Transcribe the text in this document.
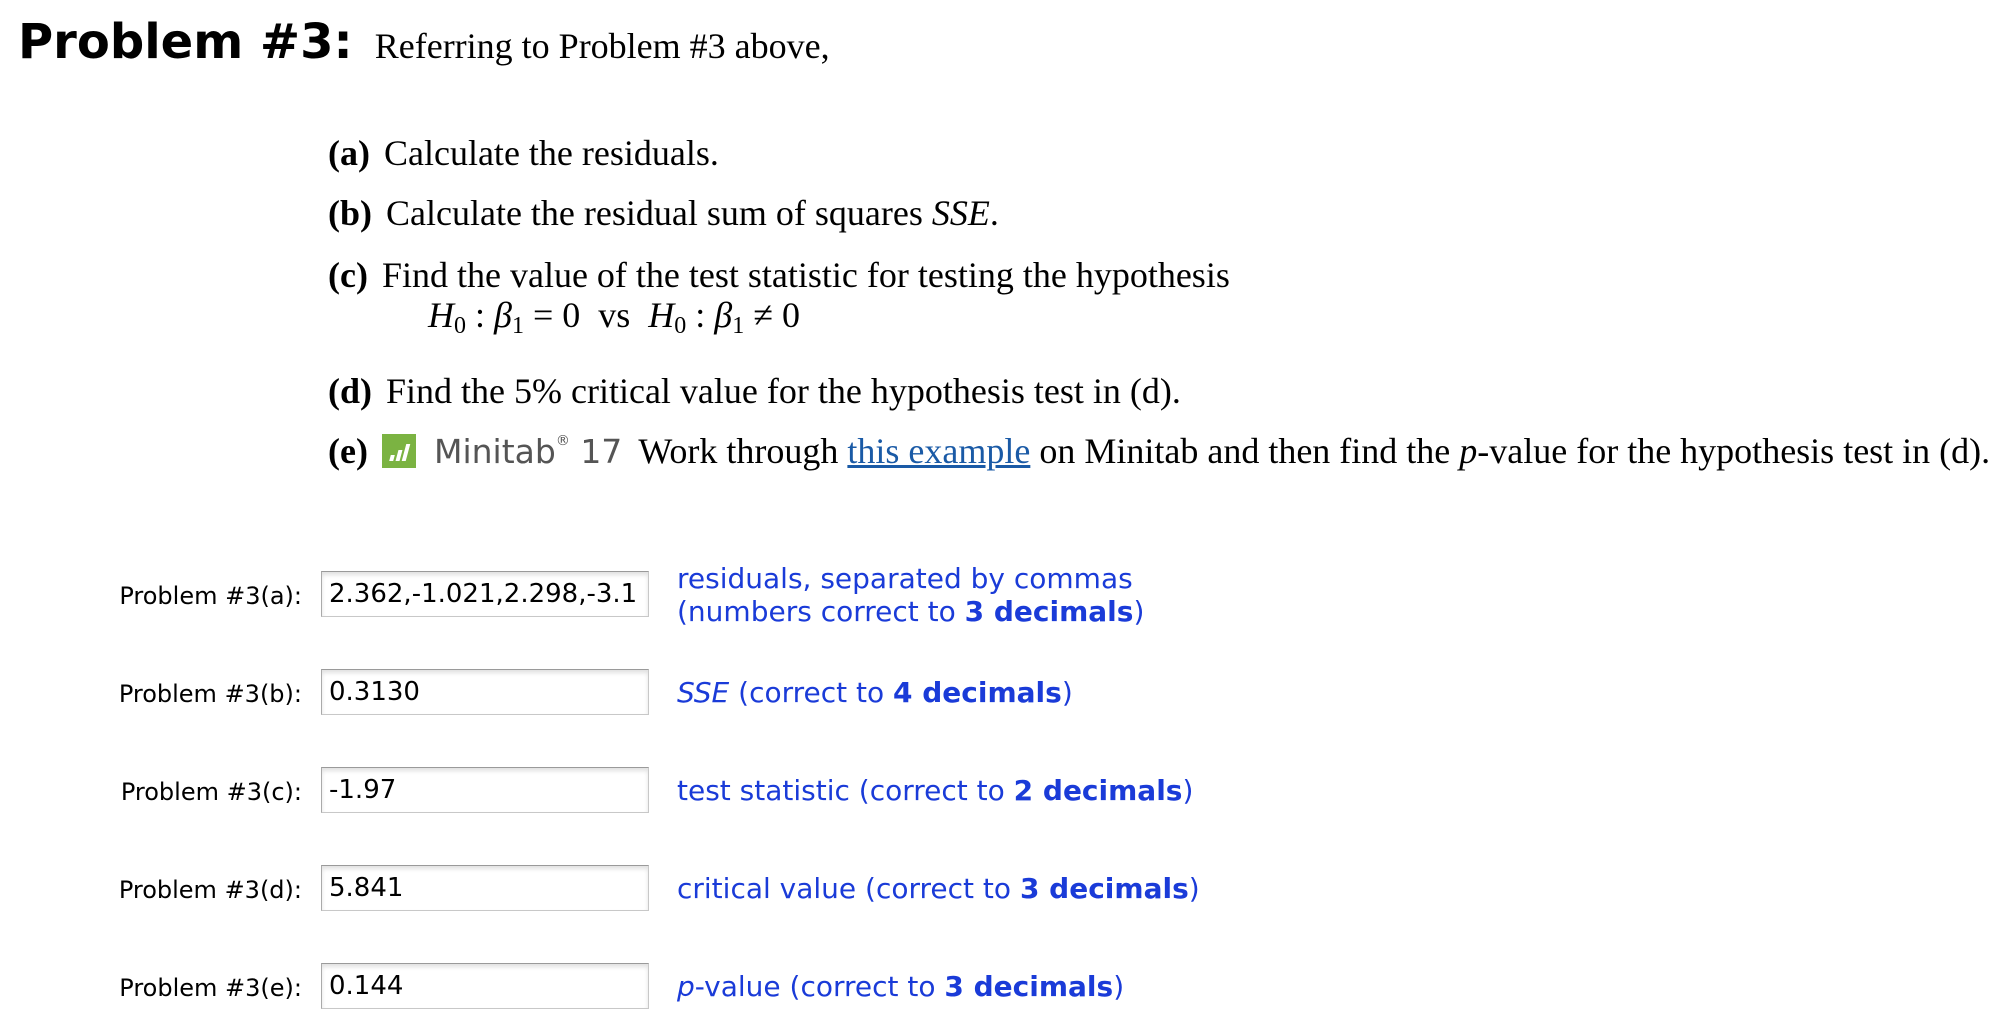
Problem #3: Referring to Problem #3 above,
(a) Calculate the residuals.
(b) Calculate the residual sum of squares SSE.
(c) Find the value of the test statistic for testing the hypothesis
$H_0$ : $\beta_1 = 0$ vs $H_0$ : $\beta_1 \ne 0$
(d) Find the 5% critical value for the hypothesis test in (d).
(e) Minitab® 17 Work through this example on Minitab and then find the p-value for the hypothesis test in (d).
Problem #3(a):
2.362,-1.021,2.298,-3.1
residuals, separated by commas
(numbers correct to 3 decimals)
Problem #3(b):
0.3130	SSE (correct to 4 decimals)
Problem #3(c):
-1.97	test statistic (correct to 2 decimals)
Problem #3(d):
5.841	critical value (correct to 3 decimals)
Problem #3(e):
0.144	p-value (correct to 3 decimals)
